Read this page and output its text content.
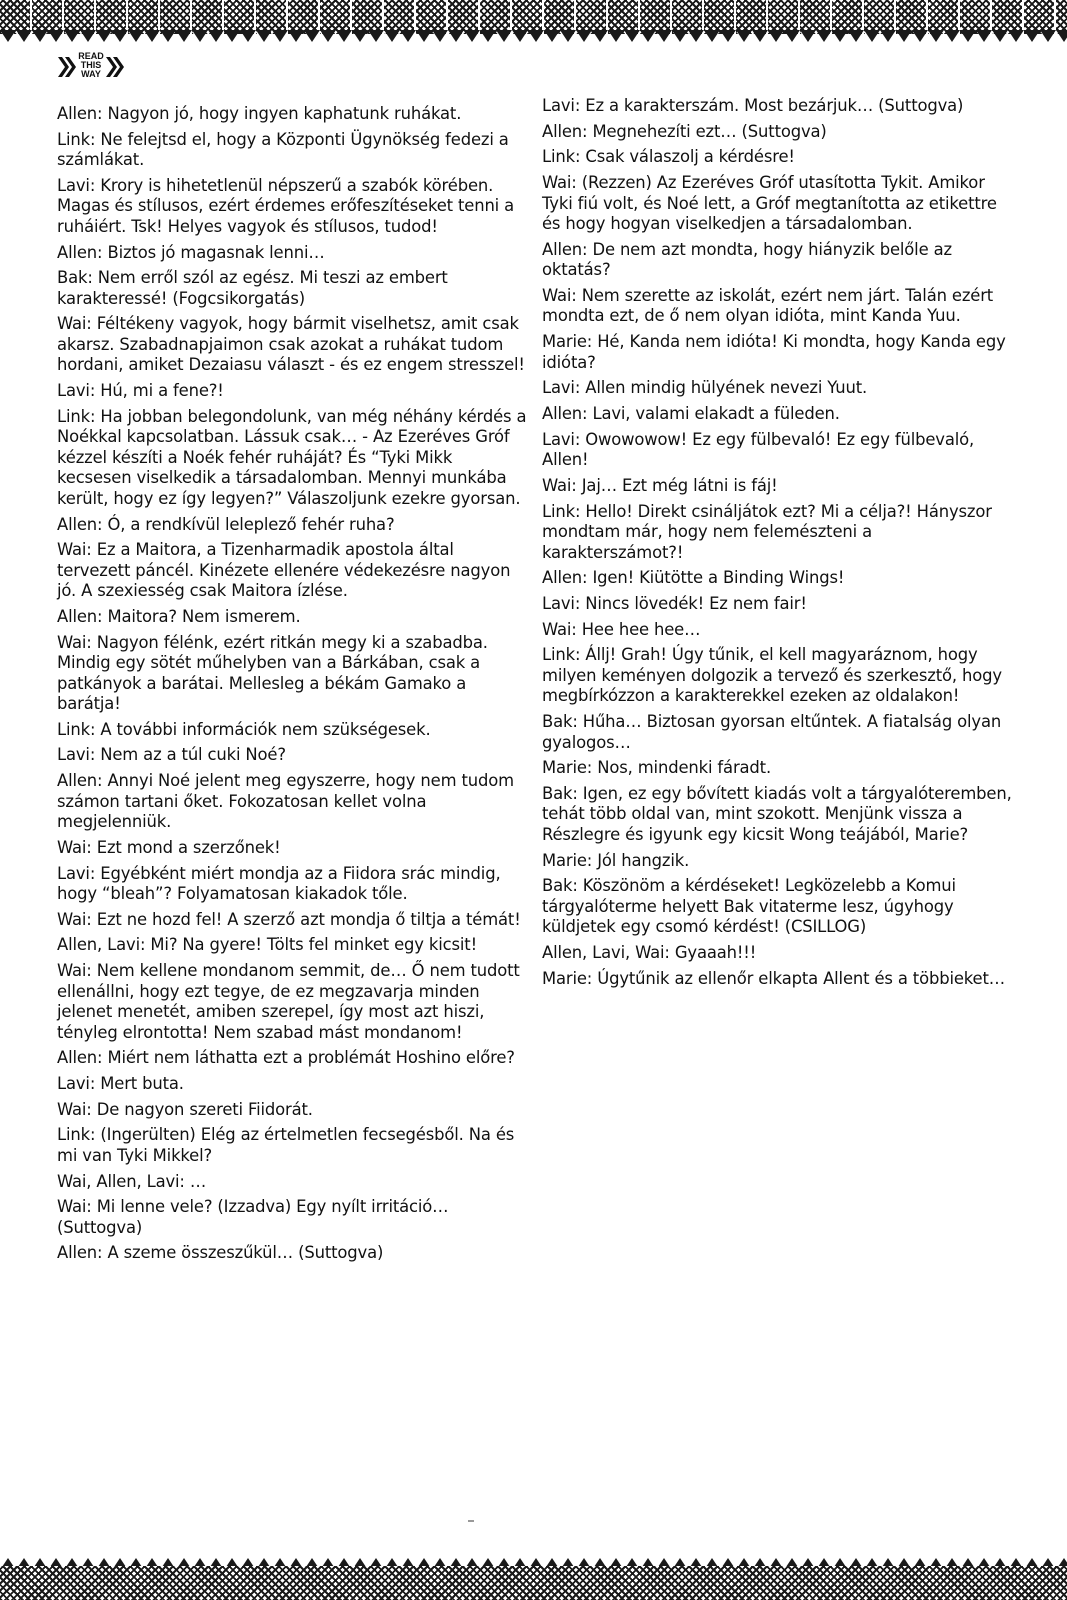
READ
THIS
WAY

Allen: Nagyon jó, hogy ingyen kaphatunk ruhákat.

Link: Ne felejtsd el, hogy a Központi Ügynökség fedezi a számlákat.

Lavi: Krory is hihetetlenül népszerű a szabók körében. Magas és stílusos, ezért érdemes erőfeszítéseket tenni a ruháiért. Tsk! Helyes vagyok és stílusos, tudod!

Allen: Biztos jó magasnak lenni…

Bak: Nem erről szól az egész. Mi teszi az embert karakteressé! (Fogcsikorgatás)

Wai: Féltékeny vagyok, hogy bármit viselhetsz, amit csak akarsz. Szabadnapjaimon csak azokat a ruhákat tudom hordani, amiket Dezaiasu választ - és ez engem stresszel!

Lavi: Hú, mi a fene?!

Link: Ha jobban belegondolunk, van még néhány kérdés a Noékkal kapcsolatban. Lássuk csak… - Az Ezeréves Gróf kézzel készíti a Noék fehér ruháját? És “Tyki Mikk kecsesen viselkedik a társadalomban. Mennyi munkába került, hogy ez így legyen?” Válaszoljunk ezekre gyorsan.

Allen: Ó, a rendkívül leleplező fehér ruha?

Wai: Ez a Maitora, a Tizenharmadik apostola által tervezett páncél. Kinézete ellenére védekezésre nagyon jó. A szexiesség csak Maitora ízlése.

Allen: Maitora? Nem ismerem.

Wai: Nagyon félénk, ezért ritkán megy ki a szabadba. Mindig egy sötét műhelyben van a Bárkában, csak a patkányok a barátai. Mellesleg a békám Gamako a barátja!

Link: A további információk nem szükségesek.

Lavi: Nem az a túl cuki Noé?

Allen: Annyi Noé jelent meg egyszerre, hogy nem tudom számon tartani őket. Fokozatosan kellet volna megjelenniük.

Wai: Ezt mond a szerzőnek!

Lavi: Egyébként miért mondja az a Fiidora srác mindig, hogy “bleah”? Folyamatosan kiakadok tőle.

Wai: Ezt ne hozd fel! A szerző azt mondja ő tiltja a témát!

Allen, Lavi: Mi? Na gyere! Tölts fel minket egy kicsit!

Wai: Nem kellene mondanom semmit, de… Ő nem tudott ellenállni, hogy ezt tegye, de ez megzavarja minden jelenet menetét, amiben szerepel, így most azt hiszi, tényleg elrontotta! Nem szabad mást mondanom!

Allen: Miért nem láthatta ezt a problémát Hoshino előre?

Lavi: Mert buta.

Wai: De nagyon szereti Fiidorát.

Link: (Ingerülten) Elég az értelmetlen fecsegésből. Na és mi van Tyki Mikkel?

Wai, Allen, Lavi: …

Wai: Mi lenne vele? (Izzadva) Egy nyílt irritáció… (Suttogva)

Allen: A szeme összeszűkül… (Suttogva)

Lavi: Ez a karakterszám. Most bezárjuk… (Suttogva)

Allen: Megnehezíti ezt… (Suttogva)

Link: Csak válaszolj a kérdésre!

Wai: (Rezzen) Az Ezeréves Gróf utasította Tykit. Amikor Tyki fiú volt, és Noé lett, a Gróf megtanította az etikettre és hogy hogyan viselkedjen a társadalomban.

Allen: De nem azt mondta, hogy hiányzik belőle az oktatás?

Wai: Nem szerette az iskolát, ezért nem járt. Talán ezért mondta ezt, de ő nem olyan idióta, mint Kanda Yuu.

Marie: Hé, Kanda nem idióta! Ki mondta, hogy Kanda egy idióta?

Lavi: Allen mindig hülyének nevezi Yuut.

Allen: Lavi, valami elakadt a füleden.

Lavi: Owowowow! Ez egy fülbevaló! Ez egy fülbevaló, Allen!

Wai: Jaj… Ezt még látni is fáj!

Link: Hello! Direkt csináljátok ezt? Mi a célja?! Hányszor mondtam már, hogy nem felemészteni a karakterszámot?!

Allen: Igen! Kiütötte a Binding Wings!

Lavi: Nincs lövedék! Ez nem fair!

Wai: Hee hee hee…

Link: Állj! Grah! Úgy tűnik, el kell magyaráznom, hogy milyen keményen dolgozik a tervező és szerkesztő, hogy megbírkózzon a karakterekkel ezeken az oldalakon!

Bak: Hűha… Biztosan gyorsan eltűntek. A fiatalság olyan gyalogos…

Marie: Nos, mindenki fáradt.

Bak: Igen, ez egy bővített kiadás volt a tárgyalóteremben, tehát több oldal van, mint szokott. Menjünk vissza a Részlegre és igyunk egy kicsit Wong teájából, Marie?

Marie: Jól hangzik.

Bak: Köszönöm a kérdéseket! Legközelebb a Komui tárgyalóterme helyett Bak vitaterme lesz, úgyhogy küldjetek egy csomó kérdést! (CSILLOG)

Allen, Lavi, Wai: Gyaaah!!!

Marie: Úgytűnik az ellenőr elkapta Allent és a többieket…
